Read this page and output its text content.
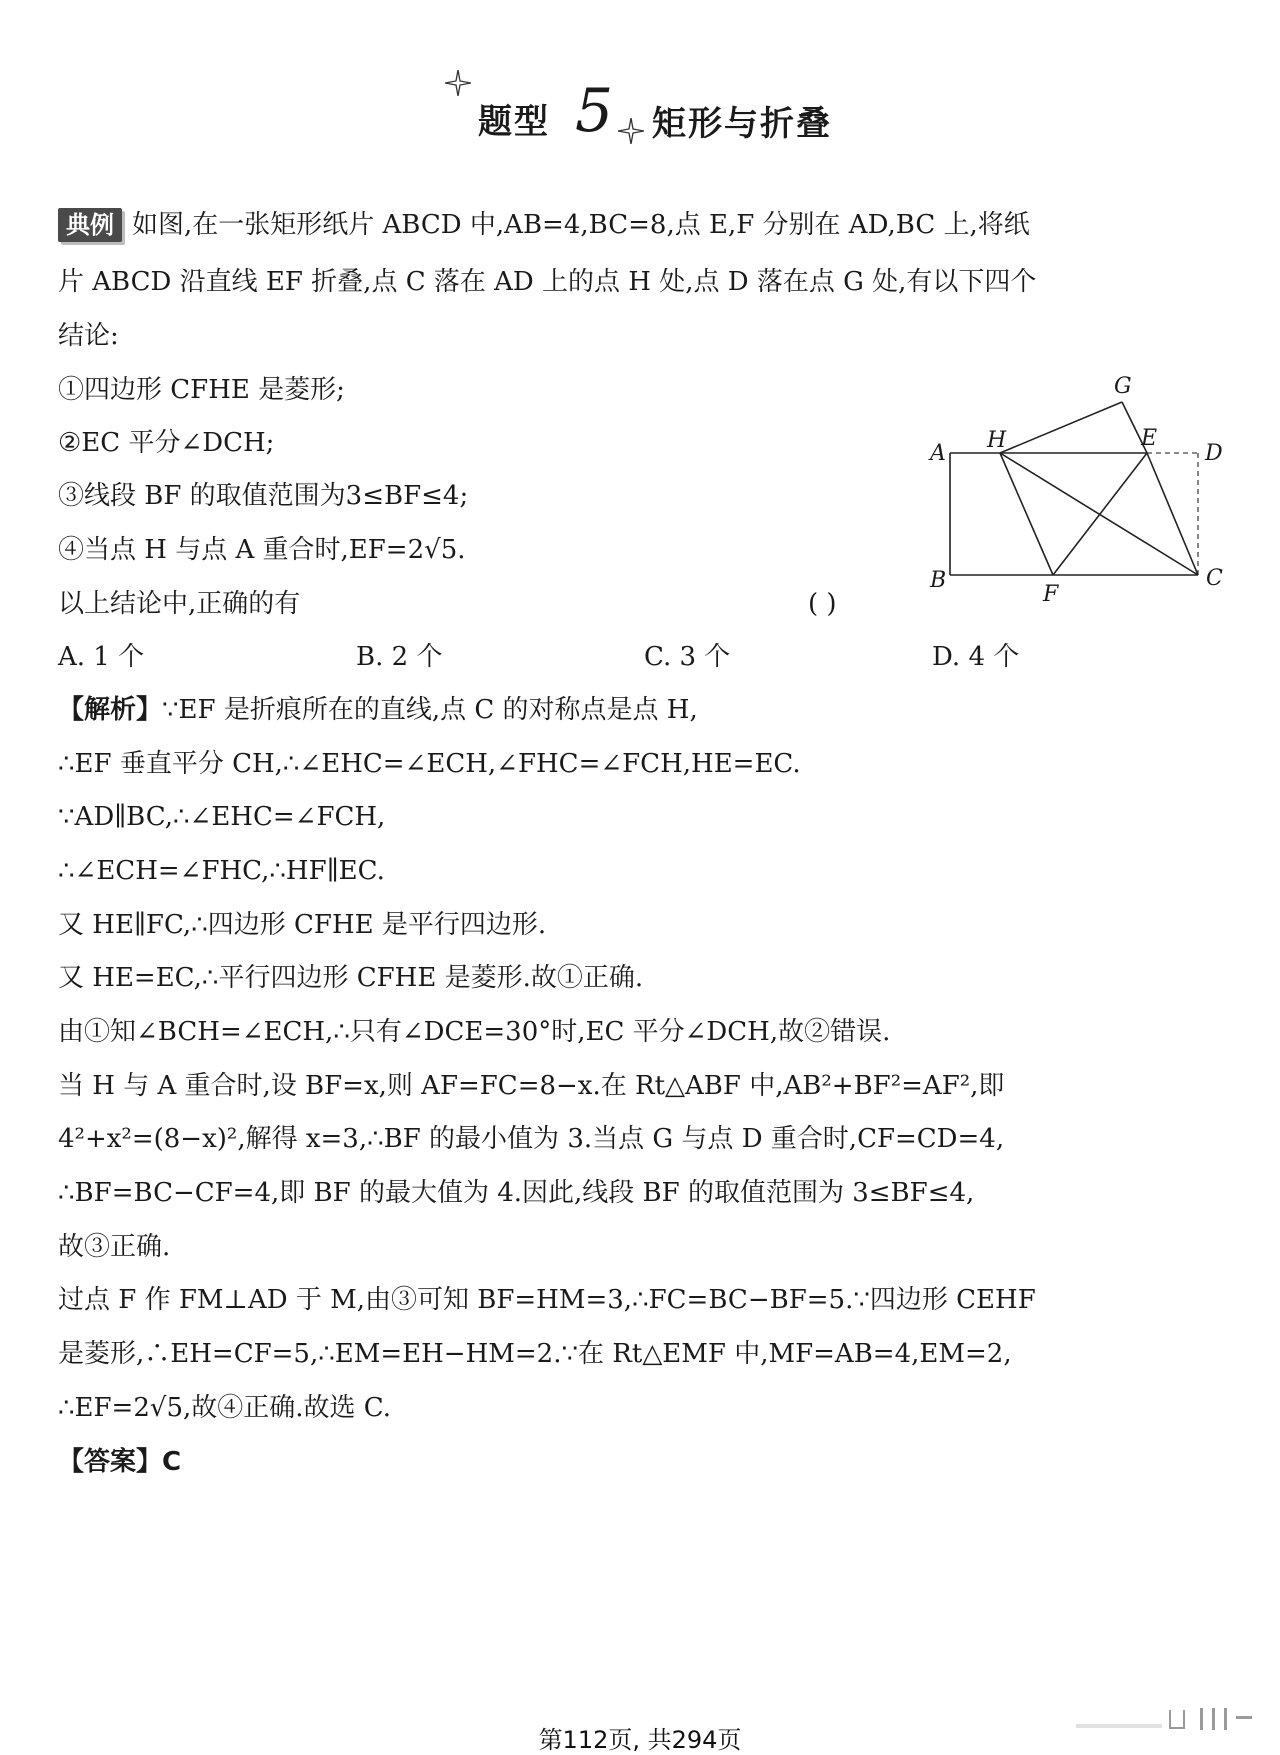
题型 5 矩形与折叠
典例 如图,在一张矩形纸片 ABCD 中,AB=4,BC=8,点 E,F 分别在 AD,BC 上,将纸
片 ABCD 沿直线 EF 折叠,点 C 落在 AD 上的点 H 处,点 D 落在点 G 处,有以下四个
结论:
①四边形 CFHE 是菱形;
②EC 平分∠DCH;
③线段 BF 的取值范围为3≤BF≤4;
④当点 H 与点 A 重合时,EF=2√5.
以上结论中,正确的有	( )
A. 1 个	B. 2 个	C. 3 个	D. 4 个
G
A
H	E
D
B
F
C
【解析】∵EF 是折痕所在的直线,点 C 的对称点是点 H,
∴EF 垂直平分 CH,∴∠EHC=∠ECH,∠FHC=∠FCH,HE=EC.
∵AD∥BC,∴∠EHC=∠FCH,
∴∠ECH=∠FHC,∴HF∥EC.
又 HE∥FC,∴四边形 CFHE 是平行四边形.
又 HE=EC,∴平行四边形 CFHE 是菱形.故①正确.
由①知∠BCH=∠ECH,∴只有∠DCE=30°时,EC 平分∠DCH,故②错误.
当 H 与 A 重合时,设 BF=x,则 AF=FC=8−x.在 Rt△ABF 中,AB²+BF²=AF²,即
4²+x²=(8−x)²,解得 x=3,∴BF 的最小值为 3.当点 G 与点 D 重合时,CF=CD=4,
∴BF=BC−CF=4,即 BF 的最大值为 4.因此,线段 BF 的取值范围为 3≤BF≤4,
故③正确.
过点 F 作 FM⊥AD 于 M,由③可知 BF=HM=3,∴FC=BC−BF=5.∵四边形 CEHF
是菱形,∴EH=CF=5,∴EM=EH−HM=2.∵在 Rt△EMF 中,MF=AB=4,EM=2,
∴EF=2√5,故④正确.故选 C.
【答案】C
第112页, 共294页
